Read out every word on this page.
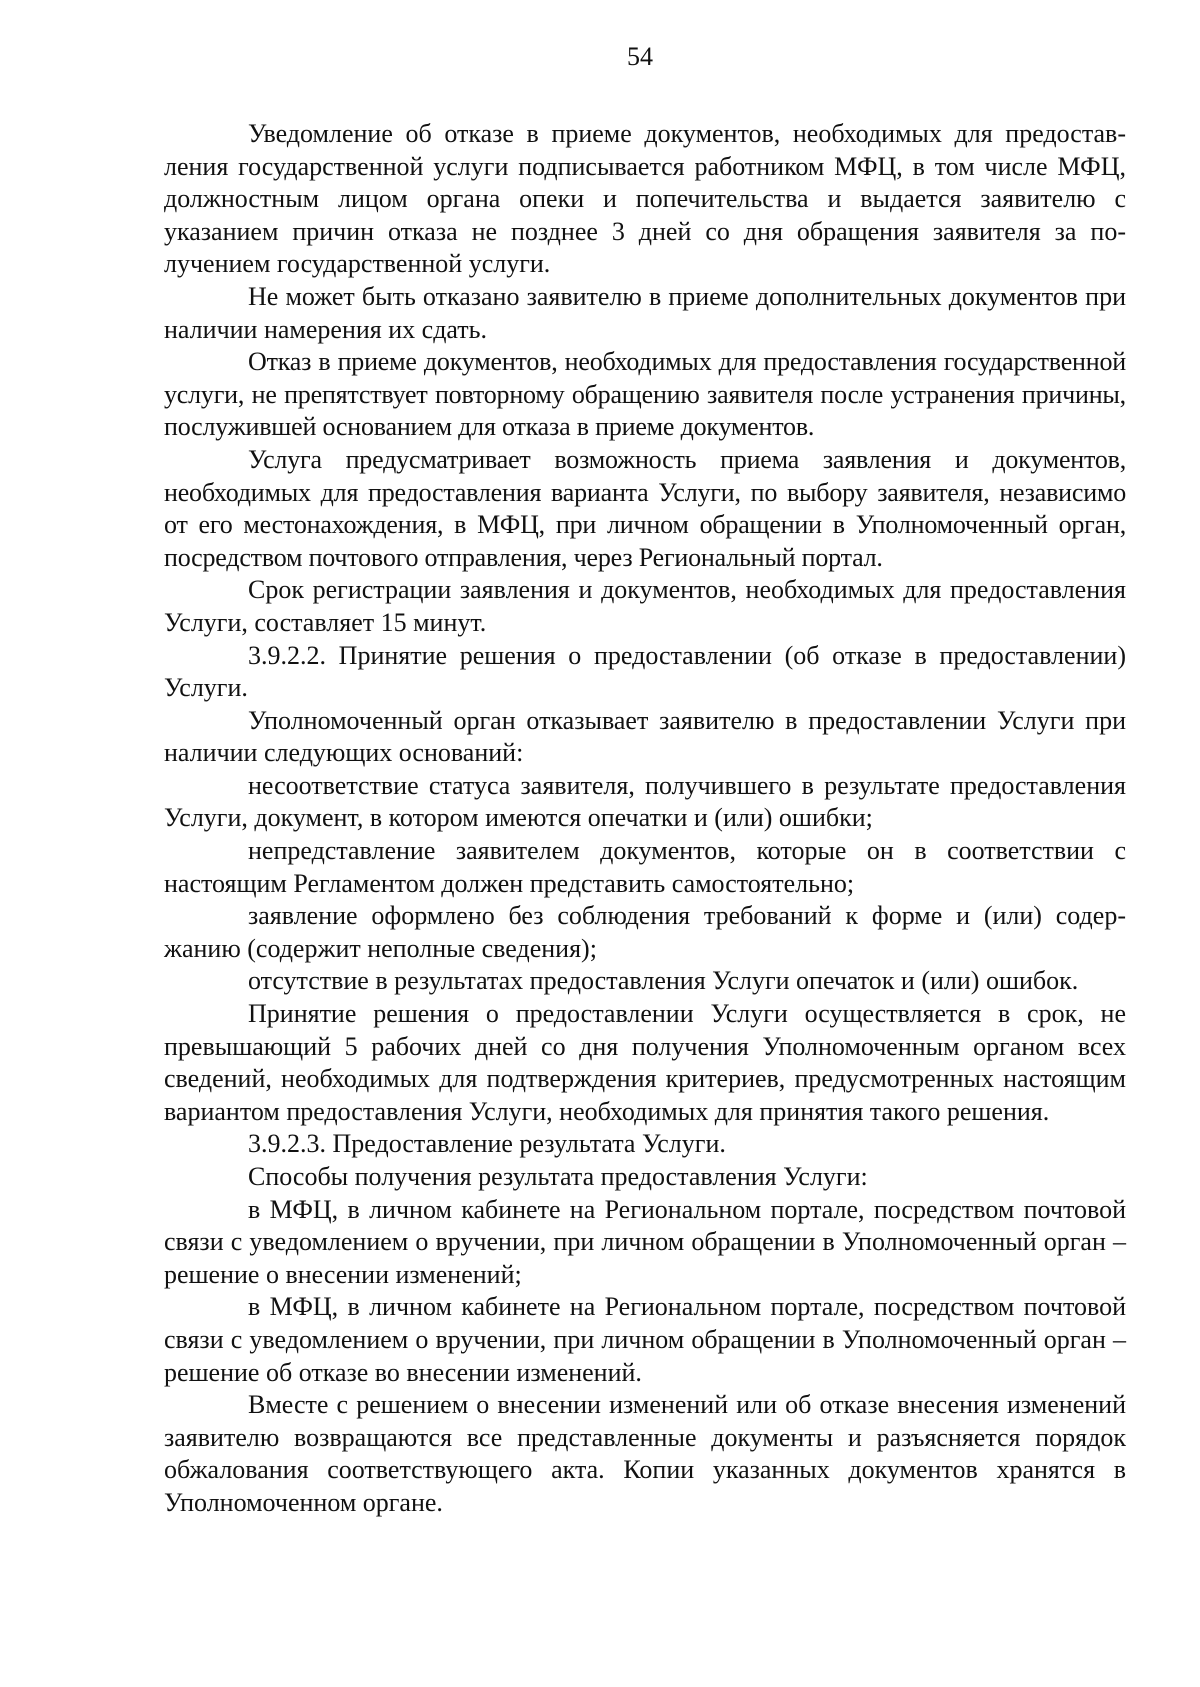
54

Уведомление об отказе в приеме документов, необходимых для предоставления государственной услуги подписывается работником МФЦ, в том числе МФЦ, должностным лицом органа опеки и попечительства и выдается заявителю с указанием причин отказа не позднее 3 дней со дня обращения заявителя за получением государственной услуги.

Не может быть отказано заявителю в приеме дополнительных документов при наличии намерения их сдать.

Отказ в приеме документов, необходимых для предоставления государственной услуги, не препятствует повторному обращению заявителя после устранения причины, послужившей основанием для отказа в приеме документов.

Услуга предусматривает возможность приема заявления и документов, необходимых для предоставления варианта Услуги, по выбору заявителя, независимо от его местонахождения, в МФЦ, при личном обращении в Уполномоченный орган, посредством почтового отправления, через Региональный портал.

Срок регистрации заявления и документов, необходимых для предоставления Услуги, составляет 15 минут.

3.9.2.2. Принятие решения о предоставлении (об отказе в предоставлении) Услуги.

Уполномоченный орган отказывает заявителю в предоставлении Услуги при наличии следующих оснований:

несоответствие статуса заявителя, получившего в результате предоставления Услуги, документ, в котором имеются опечатки и (или) ошибки;

непредставление заявителем документов, которые он в соответствии с настоящим Регламентом должен представить самостоятельно;

заявление оформлено без соблюдения требований к форме и (или) содержанию (содержит неполные сведения);

отсутствие в результатах предоставления Услуги опечаток и (или) ошибок.

Принятие решения о предоставлении Услуги осуществляется в срок, не превышающий 5 рабочих дней со дня получения Уполномоченным органом всех сведений, необходимых для подтверждения критериев, предусмотренных настоящим вариантом предоставления Услуги, необходимых для принятия такого решения.

3.9.2.3. Предоставление результата Услуги.

Способы получения результата предоставления Услуги:

в МФЦ, в личном кабинете на Региональном портале, посредством почтовой связи с уведомлением о вручении, при личном обращении в Уполномоченный орган – решение о внесении изменений;

в МФЦ, в личном кабинете на Региональном портале, посредством почтовой связи с уведомлением о вручении, при личном обращении в Уполномоченный орган – решение об отказе во внесении изменений.

Вместе с решением о внесении изменений или об отказе внесения изменений заявителю возвращаются все представленные документы и разъясняется порядок обжалования соответствующего акта. Копии указанных документов хранятся в Уполномоченном органе.
